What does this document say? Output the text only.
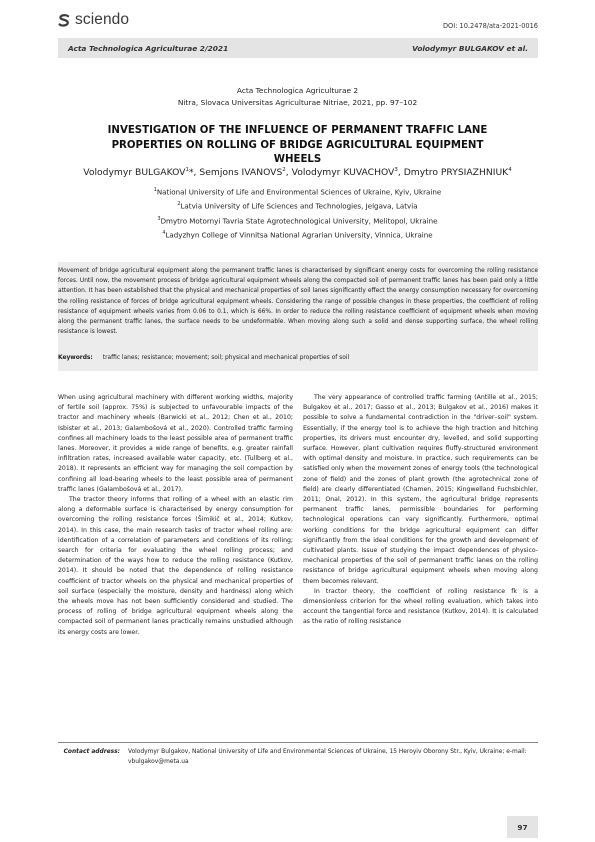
sciendo	DOI: 10.2478/ata-2021-0016
Acta Technologica Agriculturae 2/2021	Volodymyr BULGAKOV et al.
Acta Technologica Agriculturae 2
Nitra, Slovaca Universitas Agriculturae Nitriae, 2021, pp. 97–102
INVESTIGATION OF THE INFLUENCE OF PERMANENT TRAFFIC LANE PROPERTIES ON ROLLING OF BRIDGE AGRICULTURAL EQUIPMENT WHEELS
Volodymyr BULGAKOV$^1$*, Semjons IVANOVS$^2$, Volodymyr KUVACHOV$^3$, Dmytro PRYSIAZHNIUK$^4$
$^1$National University of Life and Environmental Sciences of Ukraine, Kyiv, Ukraine
$^2$Latvia University of Life Sciences and Technologies, Jelgava, Latvia
$^3$Dmytro Motornyi Tavria State Agrotechnological University, Melitopol, Ukraine
$^4$Ladyzhyn College of Vinnitsa National Agrarian University, Vinnica, Ukraine

Movement of bridge agricultural equipment along the permanent traffic lanes is characterised by significant energy costs for overcoming the rolling resistance forces. Until now, the movement process of bridge agricultural equipment wheels along the compacted soil of permanent traffic lanes has been paid only a little attention. It has been established that the physical and mechanical properties of soil lanes significantly effect the energy consumption necessary for overcoming the rolling resistance of forces of bridge agricultural equipment wheels. Considering the range of possible changes in these properties, the coefficient of rolling resistance of equipment wheels varies from 0.06 to 0.1, which is 66%. In order to reduce the rolling resistance coefficient of equipment wheels when moving along the permanent traffic lanes, the surface needs to be undeformable. When moving along such a solid and dense supporting surface, the wheel rolling resistance is lowest.

Keywords: traffic lanes; resistance; movement; soil; physical and mechanical properties of soil

When using agricultural machinery with different working widths, majority of fertile soil (approx. 75%) is subjected to unfavourable impacts of the tractor and machinery wheels (Barwicki et al., 2012; Chen et al., 2010; Isbister et al., 2013; Galambošová et al., 2020). Controlled traffic farming confines all machinery loads to the least possible area of permanent traffic lanes. Moreover, it provides a wide range of benefits, e.g. greater rainfall infiltration rates, increased available water capacity, etc. (Tullberg et al., 2018). It represents an efficient way for managing the soil compaction by confining all load-bearing wheels to the least possible area of permanent traffic lanes (Galambošová et al., 2017).

The tractor theory informs that rolling of a wheel with an elastic rim along a deformable surface is characterised by energy consumption for overcoming the rolling resistance forces (Šimikič et al., 2014; Kutkov, 2014). In this case, the main research tasks of tractor wheel rolling are: identification of a correlation of parameters and conditions of its rolling; search for criteria for evaluating the wheel rolling process; and determination of the ways how to reduce the rolling resistance (Kutkov, 2014). It should be noted that the dependence of rolling resistance coefficient of tractor wheels on the physical and mechanical properties of soil surface (especially the moisture, density and hardness) along which the wheels move has not been sufficiently considered and studied. The process of rolling of bridge agricultural equipment wheels along the compacted soil of permanent lanes practically remains unstudied although its energy costs are lower.

The very appearance of controlled traffic farming (Antille et al., 2015; Bulgakov et al., 2017; Gasso et al., 2013; Bulgakov et al., 2016) makes it possible to solve a fundamental contradiction in the "driver–soil" system. Essentially, if the energy tool is to achieve the high traction and hitching properties, its drivers must encounter dry, levelled, and solid supporting surface. However, plant cultivation requires fluffy-structured environment with optimal density and moisture. In practice, such requirements can be satisfied only when the movement zones of energy tools (the technological zone of field) and the zones of plant growth (the agrotechnical zone of field) are clearly differentiated (Chamen, 2015; Kingwelland Fuchsbichler, 2011; Onal, 2012). In this system, the agricultural bridge represents permanent traffic lanes, permissible boundaries for performing technological operations can vary significantly. Furthermore, optimal working conditions for the bridge agricultural equipment can differ significantly from the ideal conditions for the growth and development of cultivated plants. Issue of studying the impact dependences of physico-mechanical properties of the soil of permanent traffic lanes on the rolling resistance of bridge agricultural equipment wheels when moving along them becomes relevant.

In tractor theory, the coefficient of rolling resistance fk is a dimensionless criterion for the wheel rolling evaluation, which takes into account the tangential force and resistance (Kutkov, 2014). It is calculated as the ratio of rolling resistance

Contact address:	Volodymyr Bulgakov, National University of Life and Environmental Sciences of Ukraine, 15 Heroyiv Oborony Str., Kyiv, Ukraine; e-mail: vbulgakov@meta.ua
97
